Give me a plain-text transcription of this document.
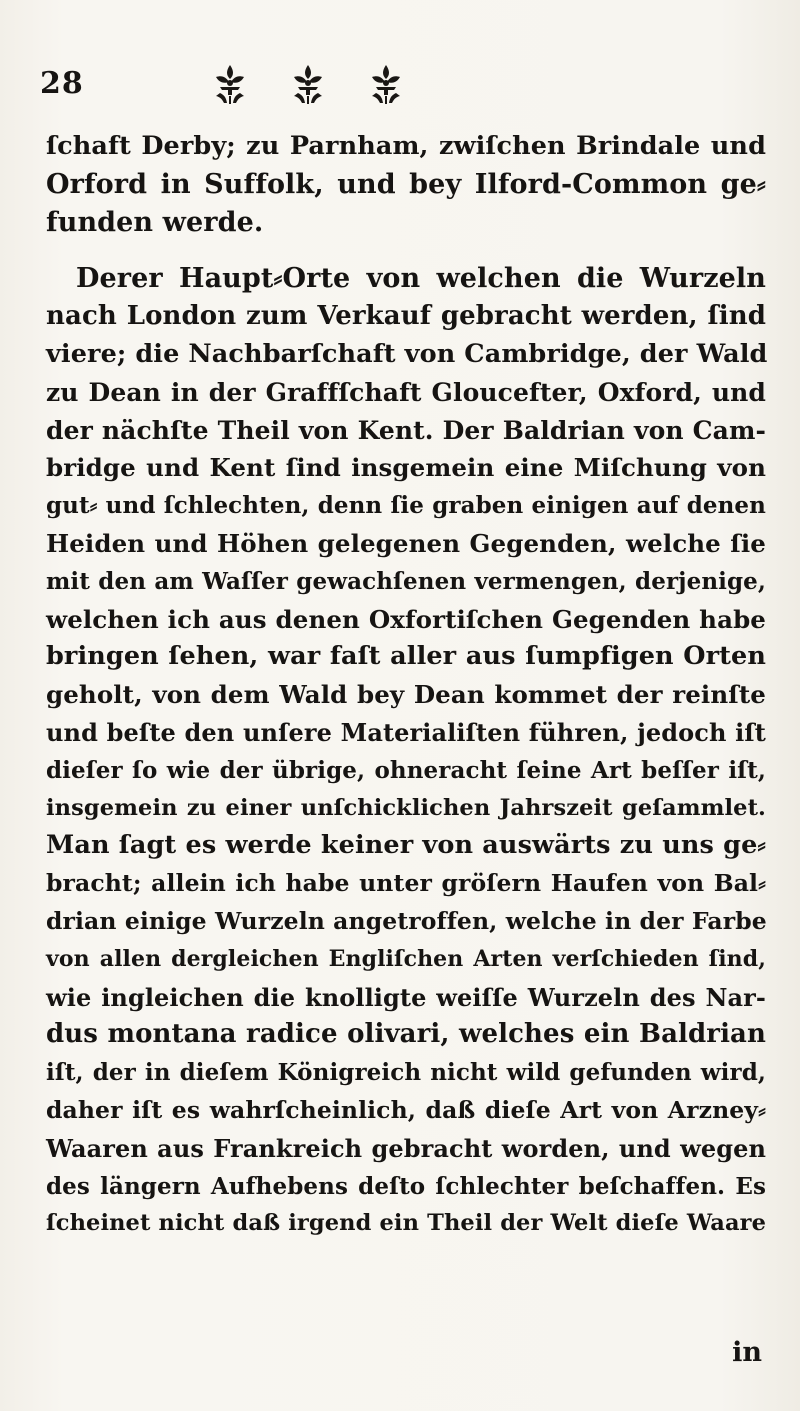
28
ſchaft Derby; zu Parnham, zwiſchen Brindale und
Orford in Suffolk, und bey Ilford-Common ge⸗
funden werde.
Derer Haupt⸗Orte von welchen die Wurzeln
nach London zum Verkauf gebracht werden, ſind
viere; die Nachbarſchaft von Cambridge, der Wald
zu Dean in der Graffſchaft Gloucefter, Oxford, und
der nächſte Theil von Kent. Der Baldrian von Cam-
bridge und Kent ſind insgemein eine Miſchung von
gut⸗ und ſchlechten, denn ſie graben einigen auf denen
Heiden und Höhen gelegenen Gegenden, welche ſie
mit den am Waſſer gewachſenen vermengen, derjenige,
welchen ich aus denen Oxfortiſchen Gegenden habe
bringen ſehen, war faſt aller aus ſumpfigen Orten
geholt, von dem Wald bey Dean kommet der reinſte
und beſte den unſere Materialiſten führen, jedoch iſt
dieſer ſo wie der übrige, ohneracht ſeine Art beſſer iſt,
insgemein zu einer unſchicklichen Jahrszeit geſammlet.
Man ſagt es werde keiner von auswärts zu uns ge⸗
bracht; allein ich habe unter gröſern Haufen von Bal⸗
drian einige Wurzeln angetroffen, welche in der Farbe
von allen dergleichen Engliſchen Arten verſchieden ſind,
wie ingleichen die knolligte weiſſe Wurzeln des Nar-
dus montana radice olivari, welches ein Baldrian
iſt, der in dieſem Königreich nicht wild gefunden wird,
daher iſt es wahrſcheinlich, daß dieſe Art von Arzney⸗
Waaren aus Frankreich gebracht worden, und wegen
des längern Aufhebens deſto ſchlechter beſchaffen. Es
ſcheinet nicht daß irgend ein Theil der Welt dieſe Waare
in
